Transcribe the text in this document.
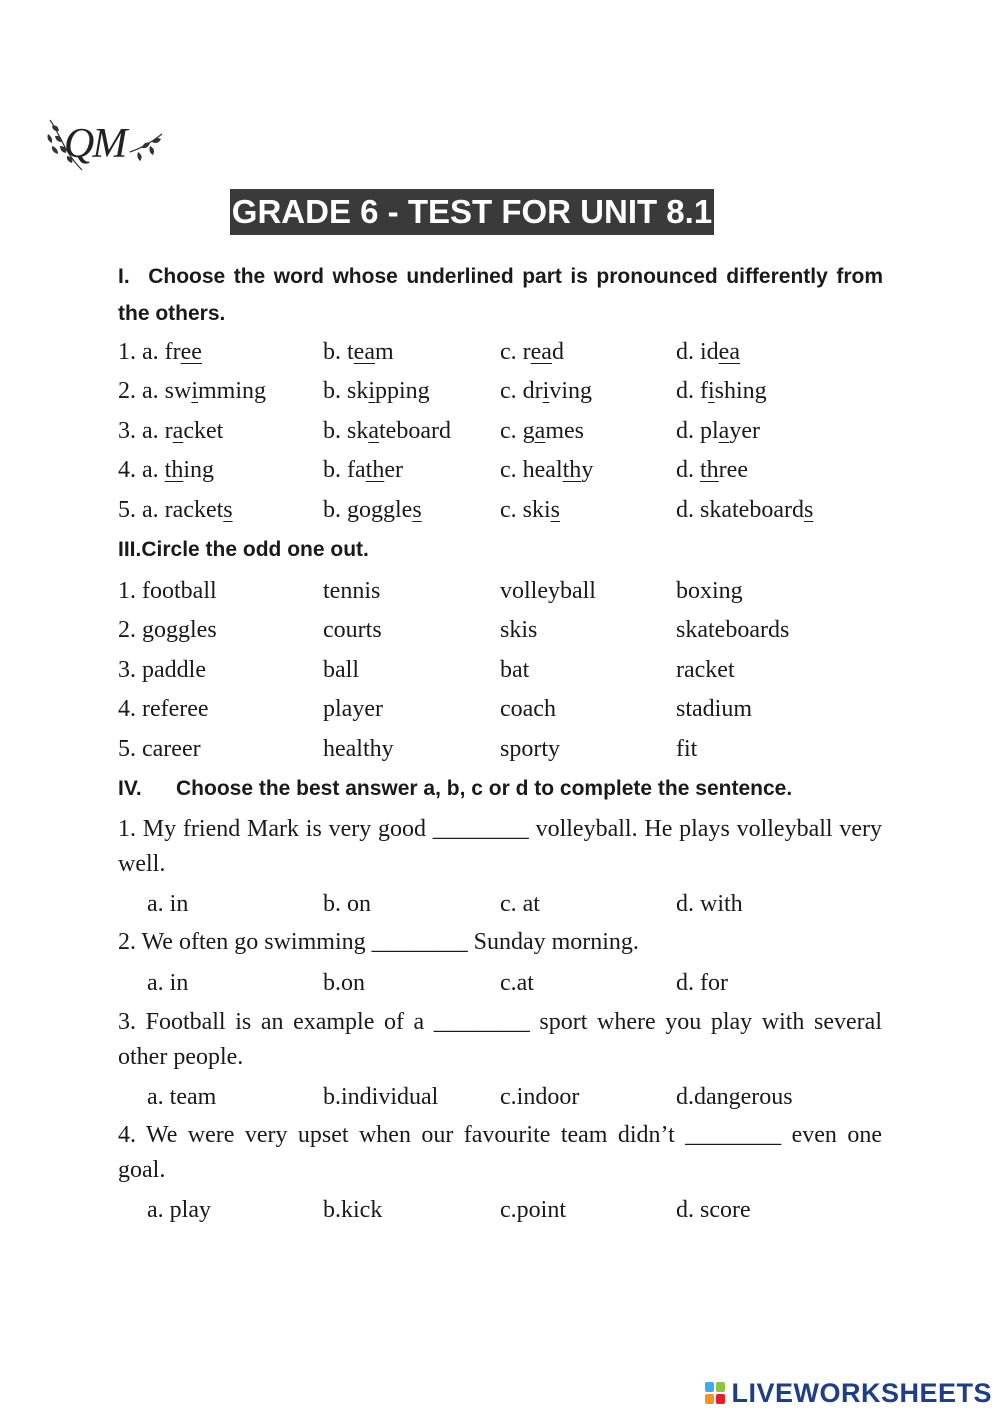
QM
GRADE 6 - TEST FOR UNIT 8.1
I. Choose the word whose underlined part is pronounced differently from the others.
1. a. free	b. team	c. read	d. idea
2. a. swimming b. skipping	c. driving	d. fishing
3. a. racket	b. skateboard c. games	d. player
4. a. thing	b. father	c. healthy	d. three
5. a. rackets	b. goggles	c. skis	d. skateboards
III.Circle the odd one out.
1. football	tennis	volleyball	boxing
2. goggles	courts	skis	skateboards
3. paddle	ball	bat	racket
4. referee	player	coach	stadium
5. career	healthy	sporty	fit
IV. Choose the best answer a, b, c or d to complete the sentence.
1. My friend Mark is very good ________ volleyball. He plays volleyball very well.
a. in	b. on	c. at	d. with
2. We often go swimming ________ Sunday morning.
a. in	b.on	c.at	d. for
3. Football is an example of a ________ sport where you play with several other people.
a. team	b.individual	c.indoor	d.dangerous
4. We were very upset when our favourite team didn’t ________ even one goal.
a. play	b.kick	c.point	d. score
LIVEWORKSHEETS
